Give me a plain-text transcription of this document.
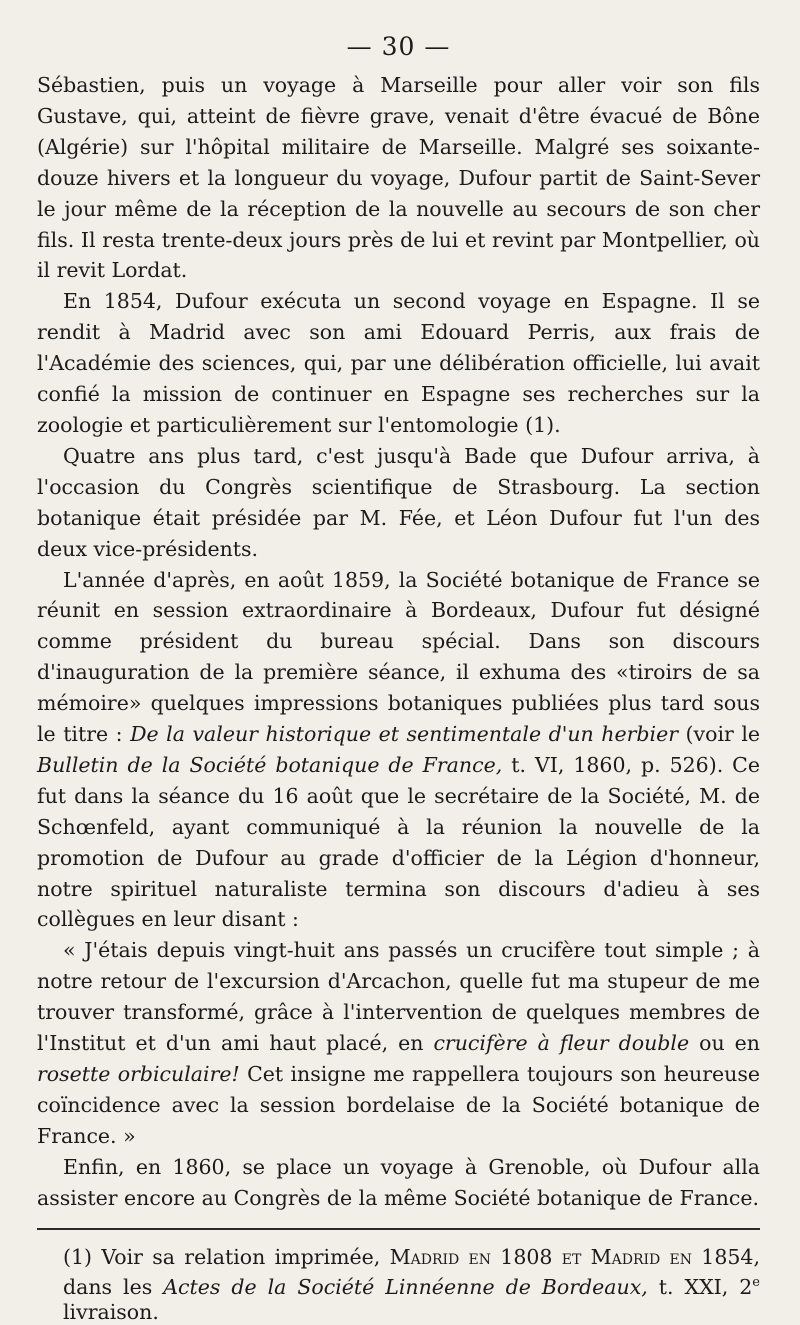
— 30 —

Sébastien, puis un voyage à Marseille pour aller voir son fils Gustave, qui, atteint de fièvre grave, venait d'être évacué de Bône (Algérie) sur l'hôpital militaire de Marseille. Malgré ses soixante-douze hivers et la longueur du voyage, Dufour partit de Saint-Sever le jour même de la réception de la nouvelle au secours de son cher fils. Il resta trente-deux jours près de lui et revint par Montpellier, où il revit Lordat.

En 1854, Dufour exécuta un second voyage en Espagne. Il se rendit à Madrid avec son ami Edouard Perris, aux frais de l'Académie des sciences, qui, par une délibération officielle, lui avait confié la mission de continuer en Espagne ses recherches sur la zoologie et particulièrement sur l'entomologie (1).

Quatre ans plus tard, c'est jusqu'à Bade que Dufour arriva, à l'occasion du Congrès scientifique de Strasbourg. La section botanique était présidée par M. Fée, et Léon Dufour fut l'un des deux vice-présidents.

L'année d'après, en août 1859, la Société botanique de France se réunit en session extraordinaire à Bordeaux, Dufour fut désigné comme président du bureau spécial. Dans son discours d'inauguration de la première séance, il exhuma des «tiroirs de sa mémoire» quelques impressions botaniques publiées plus tard sous le titre : De la valeur historique et sentimentale d'un herbier (voir le Bulletin de la Société botanique de France, t. VI, 1860, p. 526). Ce fut dans la séance du 16 août que le secrétaire de la Société, M. de Schœnfeld, ayant communiqué à la réunion la nouvelle de la promotion de Dufour au grade d'officier de la Légion d'honneur, notre spirituel naturaliste termina son discours d'adieu à ses collègues en leur disant :

« J'étais depuis vingt-huit ans passés un crucifère tout simple ; à notre retour de l'excursion d'Arcachon, quelle fut ma stupeur de me trouver transformé, grâce à l'intervention de quelques membres de l'Institut et d'un ami haut placé, en crucifère à fleur double ou en rosette orbiculaire! Cet insigne me rappellera toujours son heureuse coïncidence avec la session bordelaise de la Société botanique de France. »

Enfin, en 1860, se place un voyage à Grenoble, où Dufour alla assister encore au Congrès de la même Société botanique de France.

(1) Voir sa relation imprimée, Madrid en 1808 et Madrid en 1854, dans les Actes de la Société Linnéenne de Bordeaux, t. XXI, 2e livraison.
